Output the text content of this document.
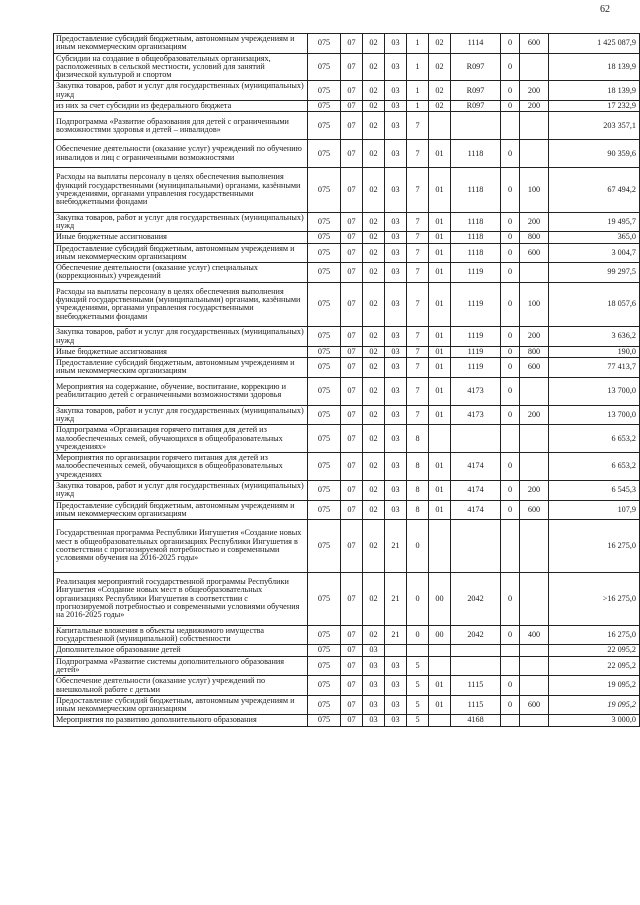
62
Предоставление субсидий бюджетным, автономным учреждениям и иным некоммерческим организациям	075	07	02	03	1	02	1114	0	600	1 425 087,9
Субсидии на создание в общеобразовательных организациях, расположенных в сельской местности, условий для занятий физической культурой и спортом	075	07	02	03	1	02	R097	0		18 139,9
Закупка товаров, работ и услуг для государственных (муниципальных) нужд	075	07	02	03	1	02	R097	0	200	18 139,9
из них за счет субсидии из федерального бюджета	075	07	02	03	1	02	R097	0	200	17 232,9
Подпрограмма «Развитие образования для детей с ограниченными возможностями здоровья и детей – инвалидов»	075	07	02	03	7					203 357,1
Обеспечение деятельности (оказание услуг) учреждений по обучению инвалидов и лиц с ограниченными возможностями	075	07	02	03	7	01	1118	0		90 359,6
Расходы на выплаты персоналу в целях обеспечения выполнения функций государственными (муниципальными) органами, казёнными учреждениями, органами управления государственными внебюджетными фондами	075	07	02	03	7	01	1118	0	100	67 494,2
Закупка товаров, работ и услуг для государственных (муниципальных) нужд	075	07	02	03	7	01	1118	0	200	19 495,7
Иные бюджетные ассигнования	075	07	02	03	7	01	1118	0	800	365,0
Предоставление субсидий бюджетным, автономным учреждениям и иным некоммерческим организациям	075	07	02	03	7	01	1118	0	600	3 004,7
Обеспечение деятельности (оказание услуг) специальных (коррекционных) учреждений	075	07	02	03	7	01	1119	0		99 297,5
Расходы на выплаты персоналу в целях обеспечения выполнения функций государственными (муниципальными) органами, казёнными учреждениями, органами управления государственными внебюджетными фондами	075	07	02	03	7	01	1119	0	100	18 057,6
Закупка товаров, работ и услуг для государственных (муниципальных) нужд	075	07	02	03	7	01	1119	0	200	3 636,2
Иные бюджетные ассигнования	075	07	02	03	7	01	1119	0	800	190,0
Предоставление субсидий бюджетным, автономным учреждениям и иным некоммерческим организациям	075	07	02	03	7	01	1119	0	600	77 413,7
Мероприятия на содержание, обучение, воспитание, коррекцию и реабилитацию детей с ограниченными возможностями здоровья	075	07	02	03	7	01	4173	0		13 700,0
Закупка товаров, работ и услуг для государственных (муниципальных) нужд	075	07	02	03	7	01	4173	0	200	13 700,0
Подпрограмма «Организация горячего питания для детей из малообеспеченных семей, обучающихся в общеобразовательных учреждениях»	075	07	02	03	8					6 653,2
Мероприятия по организации горячего питания для детей из малообеспеченных семей, обучающихся в общеобразовательных учреждениях	075	07	02	03	8	01	4174	0		6 653,2
Закупка товаров, работ и услуг для государственных (муниципальных) нужд	075	07	02	03	8	01	4174	0	200	6 545,3
Предоставление субсидий бюджетным, автономным учреждениям и иным некоммерческим организациям	075	07	02	03	8	01	4174	0	600	107,9
Государственная программа Республики Ингушетия «Создание новых мест в общеобразовательных организациях Республики Ингушетия в соответствии с прогнозируемой потребностью и современными условиями обучения на 2016-2025 годы»	075	07	02	21	0					16 275,0
Реализация мероприятий государственной программы Республики Ингушетия «Создание новых мест в общеобразовательных организациях Республики Ингушетия в соответствии с прогнозируемой потребностью и современными условиями обучения на 2016-2025 годы»	075	07	02	21	0	00	2042	0		>16 275,0
Капитальные вложения в объекты недвижимого имущества государственной (муниципальной) собственности	075	07	02	21	0	00	2042	0	400	16 275,0
Дополнительное образование детей	075	07	03							22 095,2
Подпрограмма «Развитие системы дополнительного образования детей»	075	07	03	03	5					22 095,2
Обеспечение деятельности (оказание услуг) учреждений по внешкольной работе с детьми	075	07	03	03	5	01	1115	0		19 095,2
Предоставление субсидий бюджетным, автономным учреждениям и иным некоммерческим организациям	075	07	03	03	5	01	1115	0	600	19 095,2
Мероприятия по развитию дополнительного образования	075	07	03	03	5		4168			3 000,0
